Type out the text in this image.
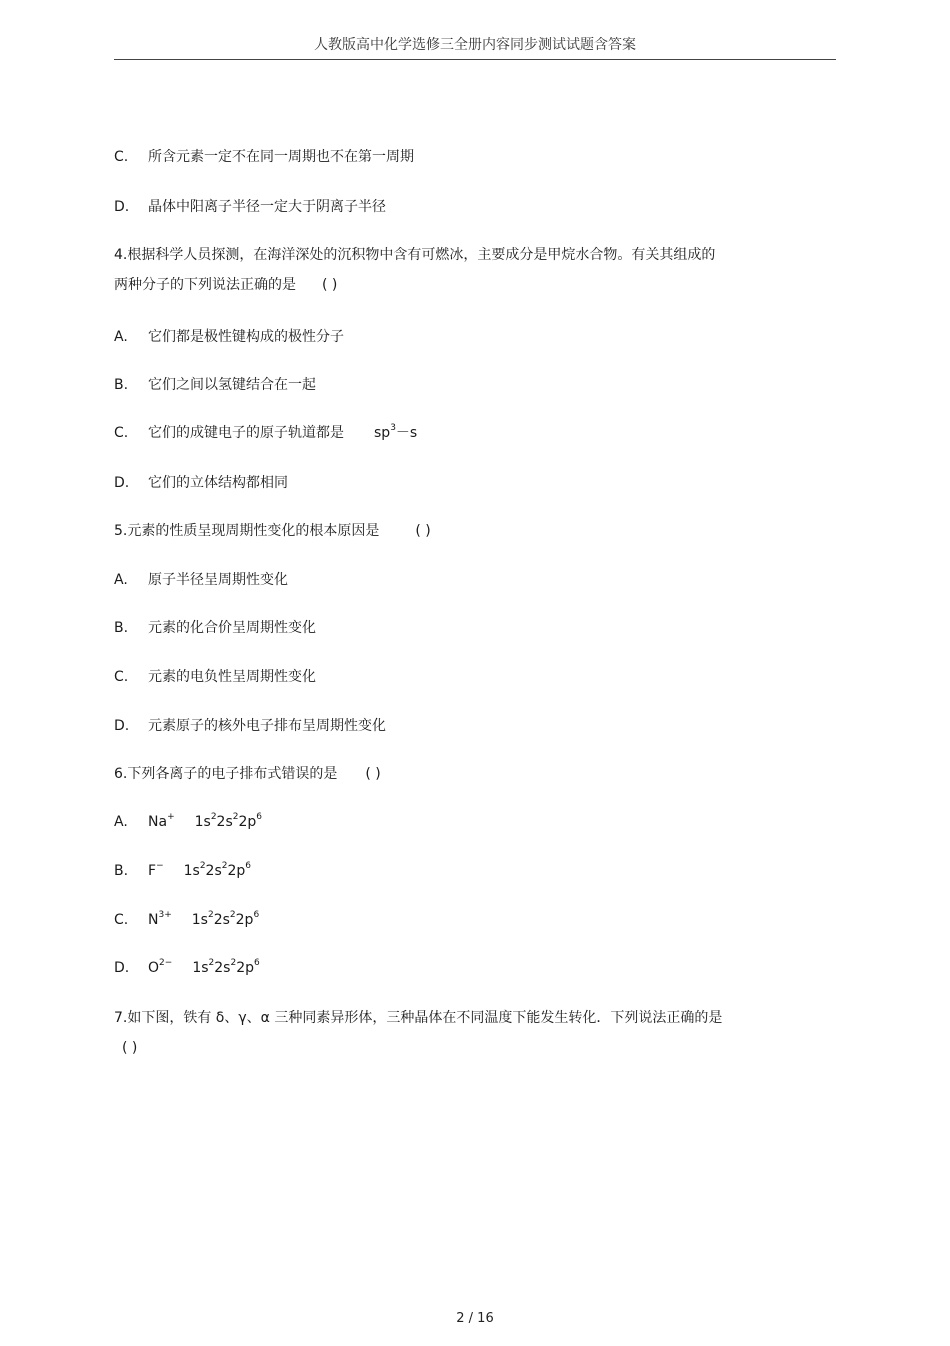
人教版高中化学选修三全册内容同步测试试题含答案
C. 所含元素一定不在同一周期也不在第一周期
D. 晶体中阳离子半径一定大于阴离子半径
4.根据科学人员探测，在海洋深处的沉积物中含有可燃冰，主要成分是甲烷水合物。有关其组成的
两种分子的下列说法正确的是 ( )
A. 它们都是极性键构成的极性分子
B. 它们之间以氢键结合在一起
C. 它们的成键电子的原子轨道都是 $sp^3-s$
D. 它们的立体结构都相同
5.元素的性质呈现周期性变化的根本原因是	( )
A. 原子半径呈周期性变化
B. 元素的化合价呈周期性变化
C. 元素的电负性呈周期性变化
D. 元素原子的核外电子排布呈周期性变化
6.下列各离子的电子排布式错误的是 ( )
A. Na+ $1s^22s^22p^6$
B. F− $1s^22s^22p^6$
C. $N^{3+}$ $1s^22s^22p^6$
D. $O^{2-}$ $1s^22s^22p^6$
7.如下图，铁有 δ、γ、α 三种同素异形体，三种晶体在不同温度下能发生转化．下列说法正确的是
( )
2 / 16
